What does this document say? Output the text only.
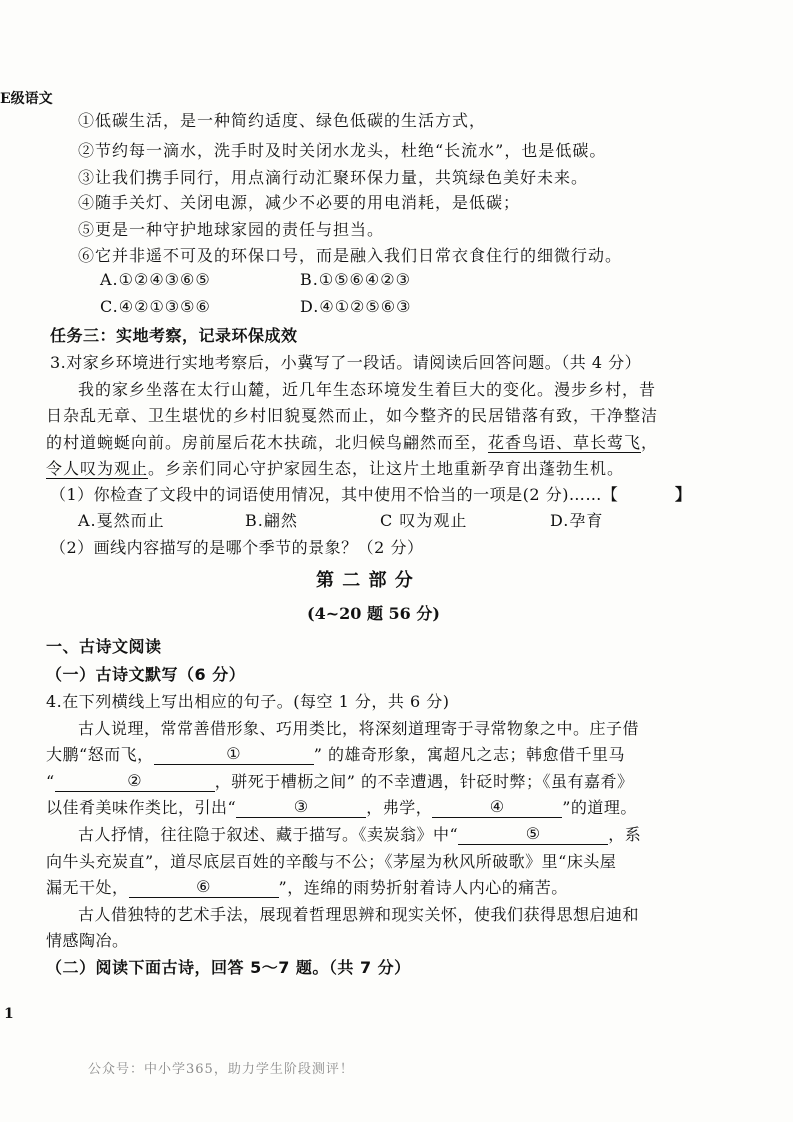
E级语文
①低碳生活，是一种简约适度、绿色低碳的生活方式，
②节约每一滴水，洗手时及时关闭水龙头，杜绝“长流水”，也是低碳。
③让我们携手同行，用点滴行动汇聚环保力量，共筑绿色美好未来。
④随手关灯、关闭电源，减少不必要的用电消耗，是低碳；
⑤更是一种守护地球家园的责任与担当。
⑥它并非遥不可及的环保口号，而是融入我们日常衣食住行的细微行动。
A.①②④③⑥⑤	B.①⑤⑥④②③
C.④②①③⑤⑥	D.④①②⑤⑥③
任务三：实地考察，记录环保成效
3.对家乡环境进行实地考察后，小冀写了一段话。请阅读后回答问题。（共 4 分）
我的家乡坐落在太行山麓，近几年生态环境发生着巨大的变化。漫步乡村，昔
日杂乱无章、卫生堪忧的乡村旧貌戛然而止，如今整齐的民居错落有致，干净整洁
的村道蜿蜒向前。房前屋后花木扶疏，北归候鸟翩然而至，花香鸟语、草长莺飞，
令人叹为观止。乡亲们同心守护家园生态，让这片土地重新孕育出蓬勃生机。
（1）你检查了文段中的词语使用情况，其中使用不恰当的一项是(2 分)……【	】
A.戛然而止	B.翩然	C 叹为观止	D.孕育
（2）画线内容描写的是哪个季节的景象？（2 分）
第 二 部 分
(4~20 题 56 分)
一、古诗文阅读
（一）古诗文默写（6 分）
4.在下列横线上写出相应的句子。(每空 1 分，共 6 分)
古人说理，常常善借形象、巧用类比，将深刻道理寄于寻常物象之中。庄子借
大鹏“怒而飞，	①	” 的雄奇形象，寓超凡之志；韩愈借千里马
“	②	，骈死于槽枥之间” 的不幸遭遇，针砭时弊；《虽有嘉肴》
以佳肴美味作类比，引出“	③	，弗学，	④	”的道理。
古人抒情，往往隐于叙述、藏于描写。《卖炭翁》中“	⑤	，系
向牛头充炭直”，道尽底层百姓的辛酸与不公；《茅屋为秋风所破歌》里“床头屋
漏无干处，	⑥	”，连绵的雨势折射着诗人内心的痛苦。
古人借独特的艺术手法，展现着哲理思辨和现实关怀，使我们获得思想启迪和
情感陶冶。
（二）阅读下面古诗，回答 5～7 题。（共 7 分）
1
公众号：中小学365，助力学生阶段测评！
